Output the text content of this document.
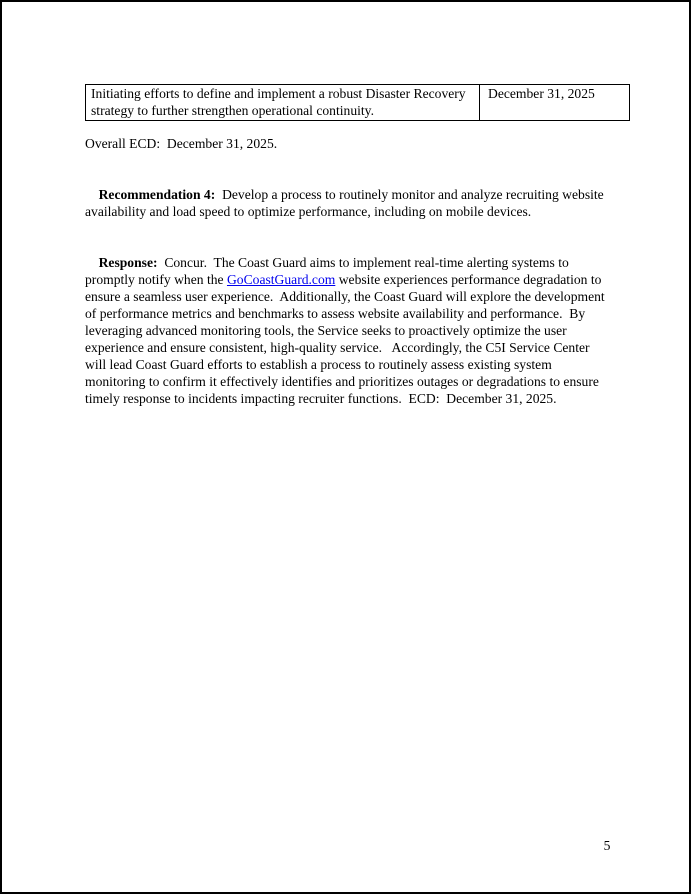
Initiating efforts to define and implement a robust Disaster Recovery strategy to further strengthen operational continuity.	December 31, 2025
Overall ECD:  December 31, 2025.

Recommendation 4:  Develop a process to routinely monitor and analyze recruiting website availability and load speed to optimize performance, including on mobile devices.

Response:  Concur.  The Coast Guard aims to implement real-time alerting systems to promptly notify when the GoCoastGuard.com website experiences performance degradation to ensure a seamless user experience.  Additionally, the Coast Guard will explore the development of performance metrics and benchmarks to assess website availability and performance.  By leveraging advanced monitoring tools, the Service seeks to proactively optimize the user experience and ensure consistent, high-quality service.   Accordingly, the C5I Service Center will lead Coast Guard efforts to establish a process to routinely assess existing system monitoring to confirm it effectively identifies and prioritizes outages or degradations to ensure timely response to incidents impacting recruiter functions.  ECD:  December 31, 2025.

5
